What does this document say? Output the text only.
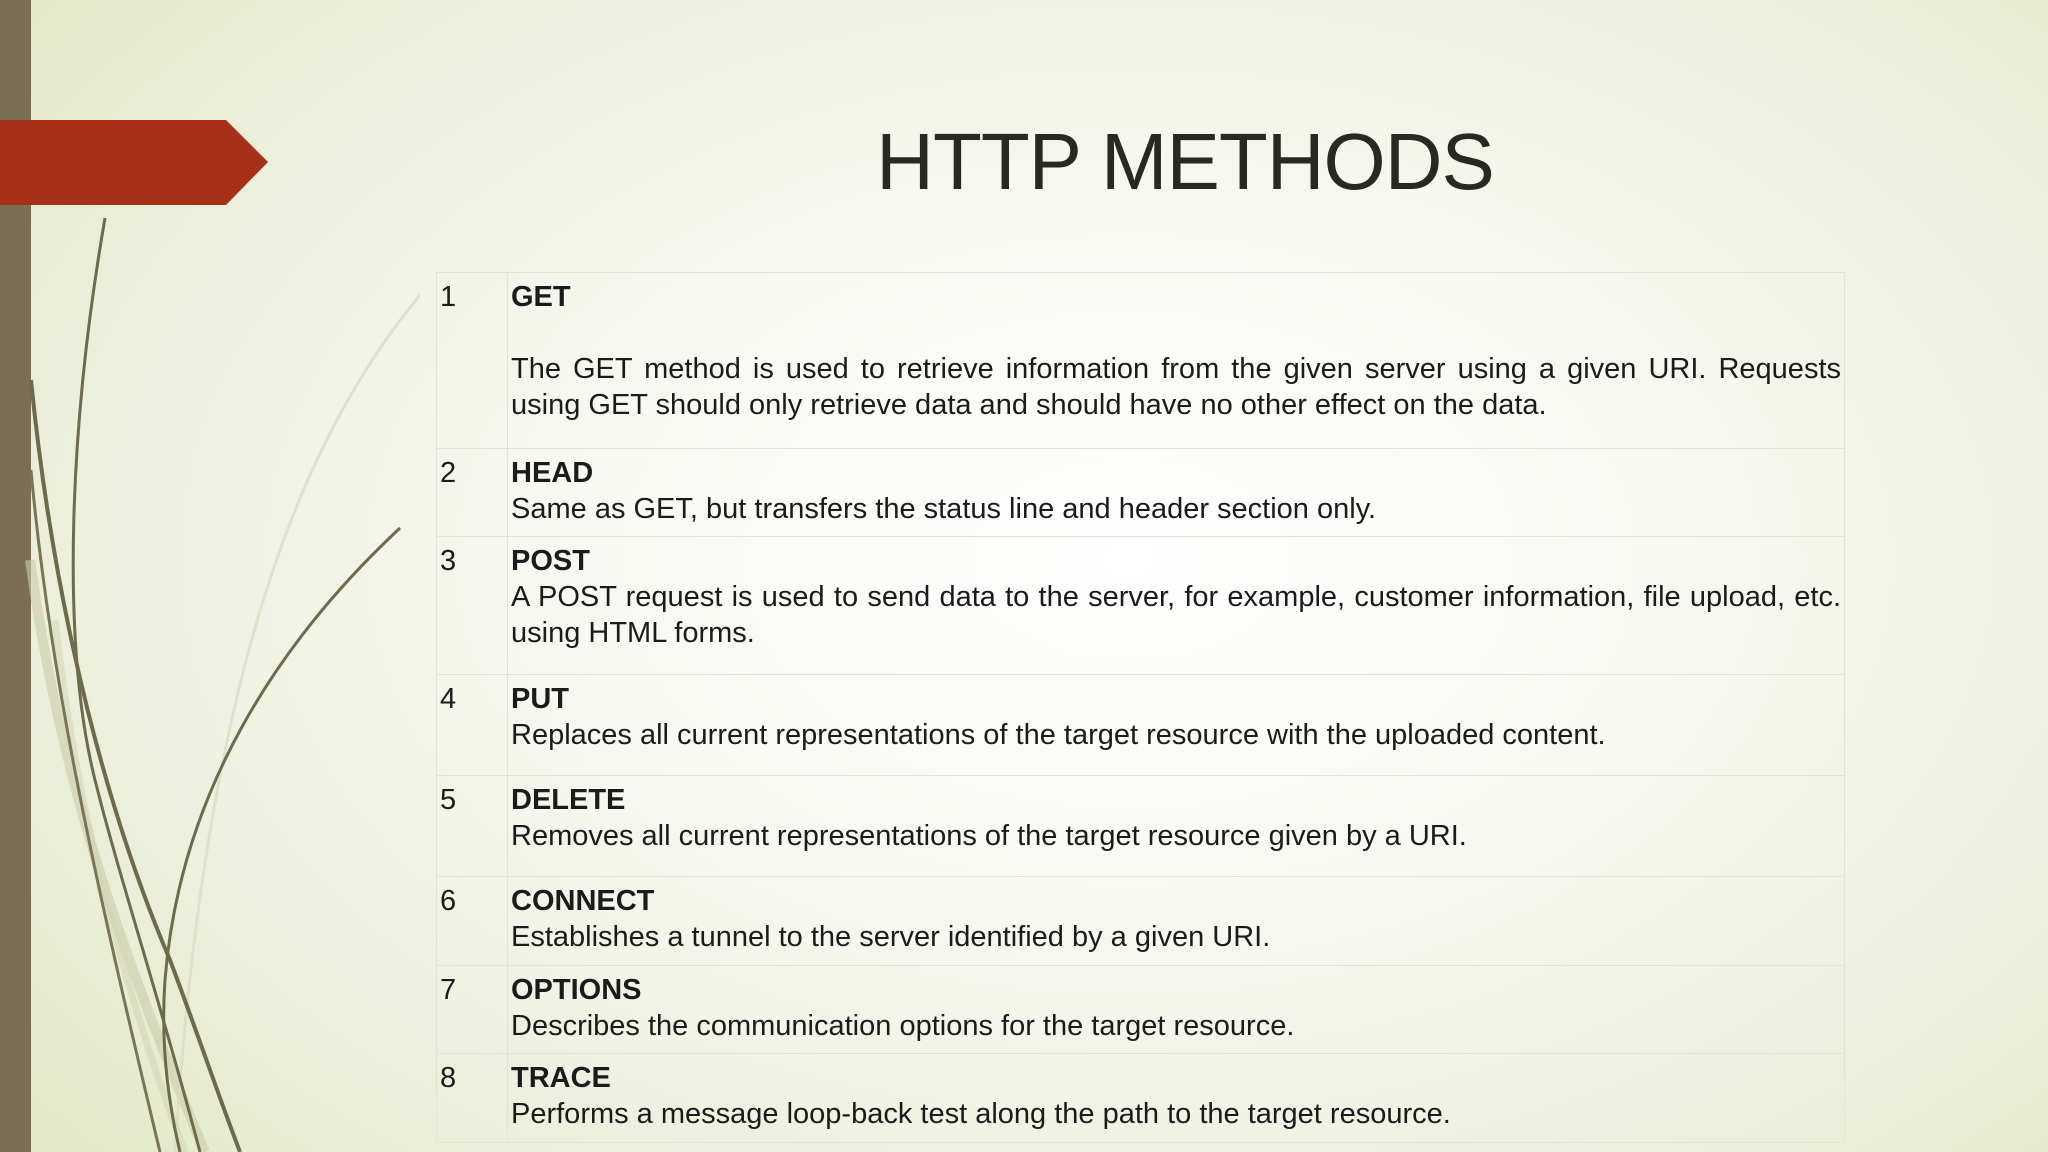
HTTP METHODS
1	GET
The GET method is used to retrieve information from the given server using a given URI. Requests using GET should only retrieve data and should have no other effect on the data.

2	HEAD
Same as GET, but transfers the status line and header section only.

3	POST
A POST request is used to send data to the server, for example, customer information, file upload, etc. using HTML forms.

4	PUT
Replaces all current representations of the target resource with the uploaded content.

5	DELETE
Removes all current representations of the target resource given by a URI.

6	CONNECT
Establishes a tunnel to the server identified by a given URI.

7	OPTIONS
Describes the communication options for the target resource.

8	TRACE
Performs a message loop-back test along the path to the target resource.
